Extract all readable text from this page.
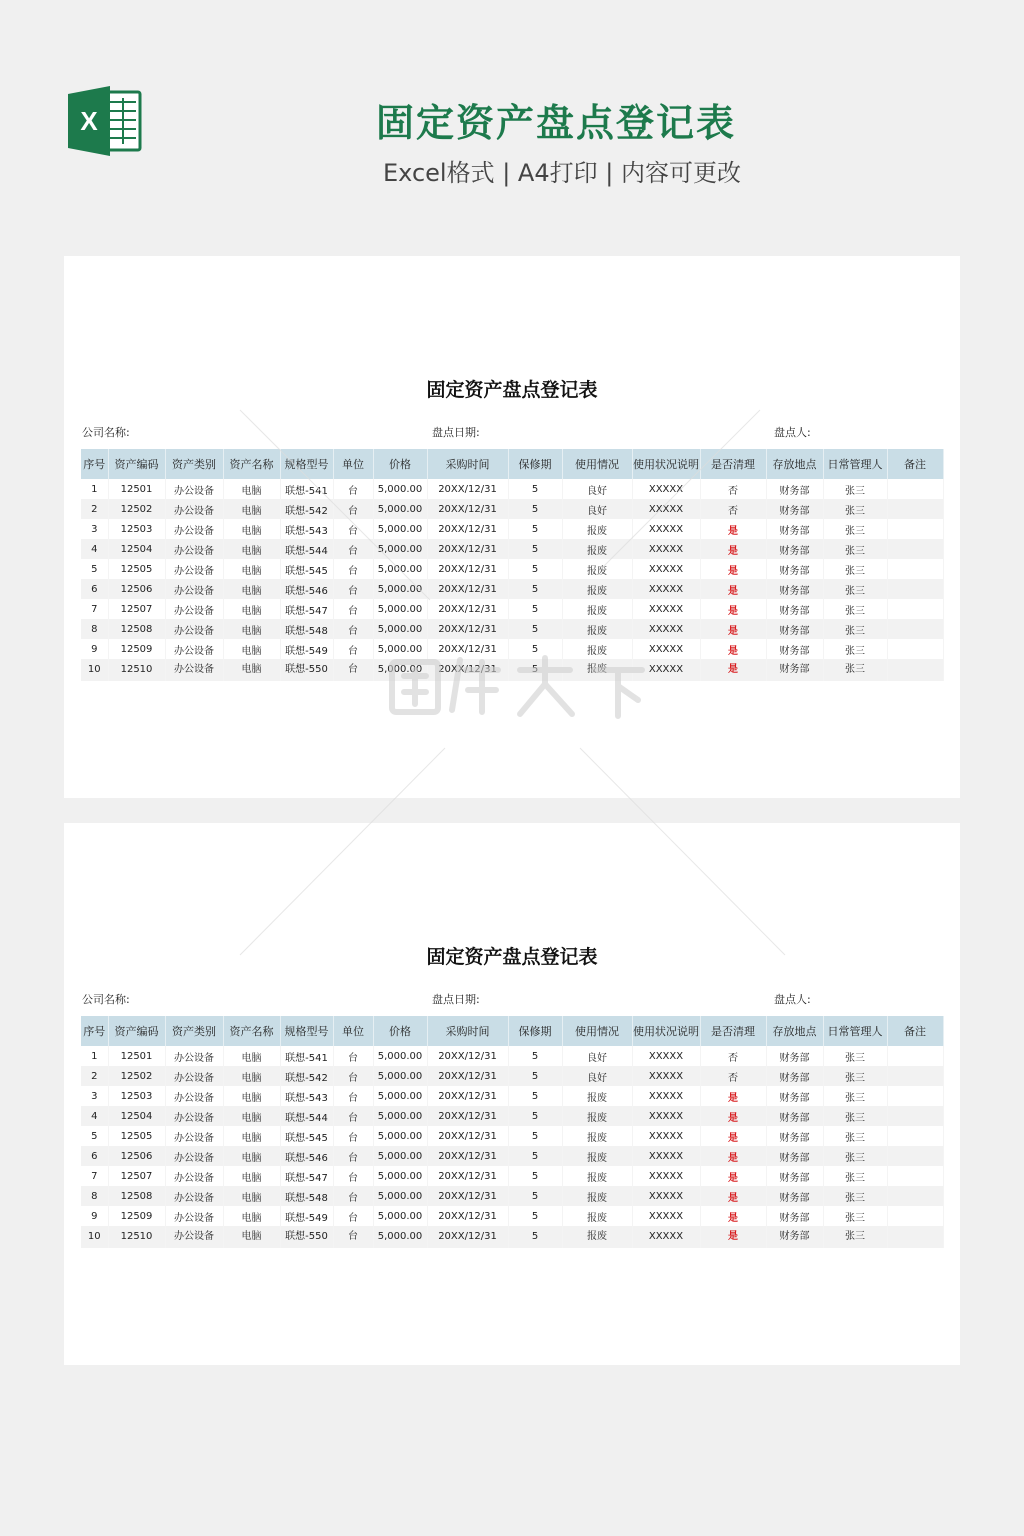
X	固定资产盘点登记表
Excel格式 | A4打印 | 内容可更改
固定资产盘点登记表
公司名称:	盘点日期:	盘点人:
序号	资产编码	资产类别	资产名称	规格型号	单位	价格	采购时间	保修期	使用情况	使用状况说明	是否清理	存放地点	日常管理人	备注
1	12501	办公设备	电脑	联想-541	台	5,000.00	20XX/12/31	5	良好	XXXXX	否	财务部	张三	
2	12502	办公设备	电脑	联想-542	台	5,000.00	20XX/12/31	5	良好	XXXXX	否	财务部	张三	
3	12503	办公设备	电脑	联想-543	台	5,000.00	20XX/12/31	5	报废	XXXXX	是	财务部	张三	
4	12504	办公设备	电脑	联想-544	台	5,000.00	20XX/12/31	5	报废	XXXXX	是	财务部	张三	
5	12505	办公设备	电脑	联想-545	台	5,000.00	20XX/12/31	5	报废	XXXXX	是	财务部	张三	
6	12506	办公设备	电脑	联想-546	台	5,000.00	20XX/12/31	5	报废	XXXXX	是	财务部	张三	
7	12507	办公设备	电脑	联想-547	台	5,000.00	20XX/12/31	5	报废	XXXXX	是	财务部	张三	
8	12508	办公设备	电脑	联想-548	台	5,000.00	20XX/12/31	5	报废	XXXXX	是	财务部	张三	
9	12509	办公设备	电脑	联想-549	台	5,000.00	20XX/12/31	5	报废	XXXXX	是	财务部	张三	
10	12510	办公设备	电脑	联想-550	台	5,000.00	20XX/12/31	5	报废	XXXXX	是	财务部	张三	
固定资产盘点登记表
公司名称:	盘点日期:	盘点人:
序号	资产编码	资产类别	资产名称	规格型号	单位	价格	采购时间	保修期	使用情况	使用状况说明	是否清理	存放地点	日常管理人	备注
1	12501	办公设备	电脑	联想-541	台	5,000.00	20XX/12/31	5	良好	XXXXX	否	财务部	张三	
2	12502	办公设备	电脑	联想-542	台	5,000.00	20XX/12/31	5	良好	XXXXX	否	财务部	张三	
3	12503	办公设备	电脑	联想-543	台	5,000.00	20XX/12/31	5	报废	XXXXX	是	财务部	张三	
4	12504	办公设备	电脑	联想-544	台	5,000.00	20XX/12/31	5	报废	XXXXX	是	财务部	张三	
5	12505	办公设备	电脑	联想-545	台	5,000.00	20XX/12/31	5	报废	XXXXX	是	财务部	张三	
6	12506	办公设备	电脑	联想-546	台	5,000.00	20XX/12/31	5	报废	XXXXX	是	财务部	张三	
7	12507	办公设备	电脑	联想-547	台	5,000.00	20XX/12/31	5	报废	XXXXX	是	财务部	张三	
8	12508	办公设备	电脑	联想-548	台	5,000.00	20XX/12/31	5	报废	XXXXX	是	财务部	张三	
9	12509	办公设备	电脑	联想-549	台	5,000.00	20XX/12/31	5	报废	XXXXX	是	财务部	张三	
10	12510	办公设备	电脑	联想-550	台	5,000.00	20XX/12/31	5	报废	XXXXX	是	财务部	张三	
